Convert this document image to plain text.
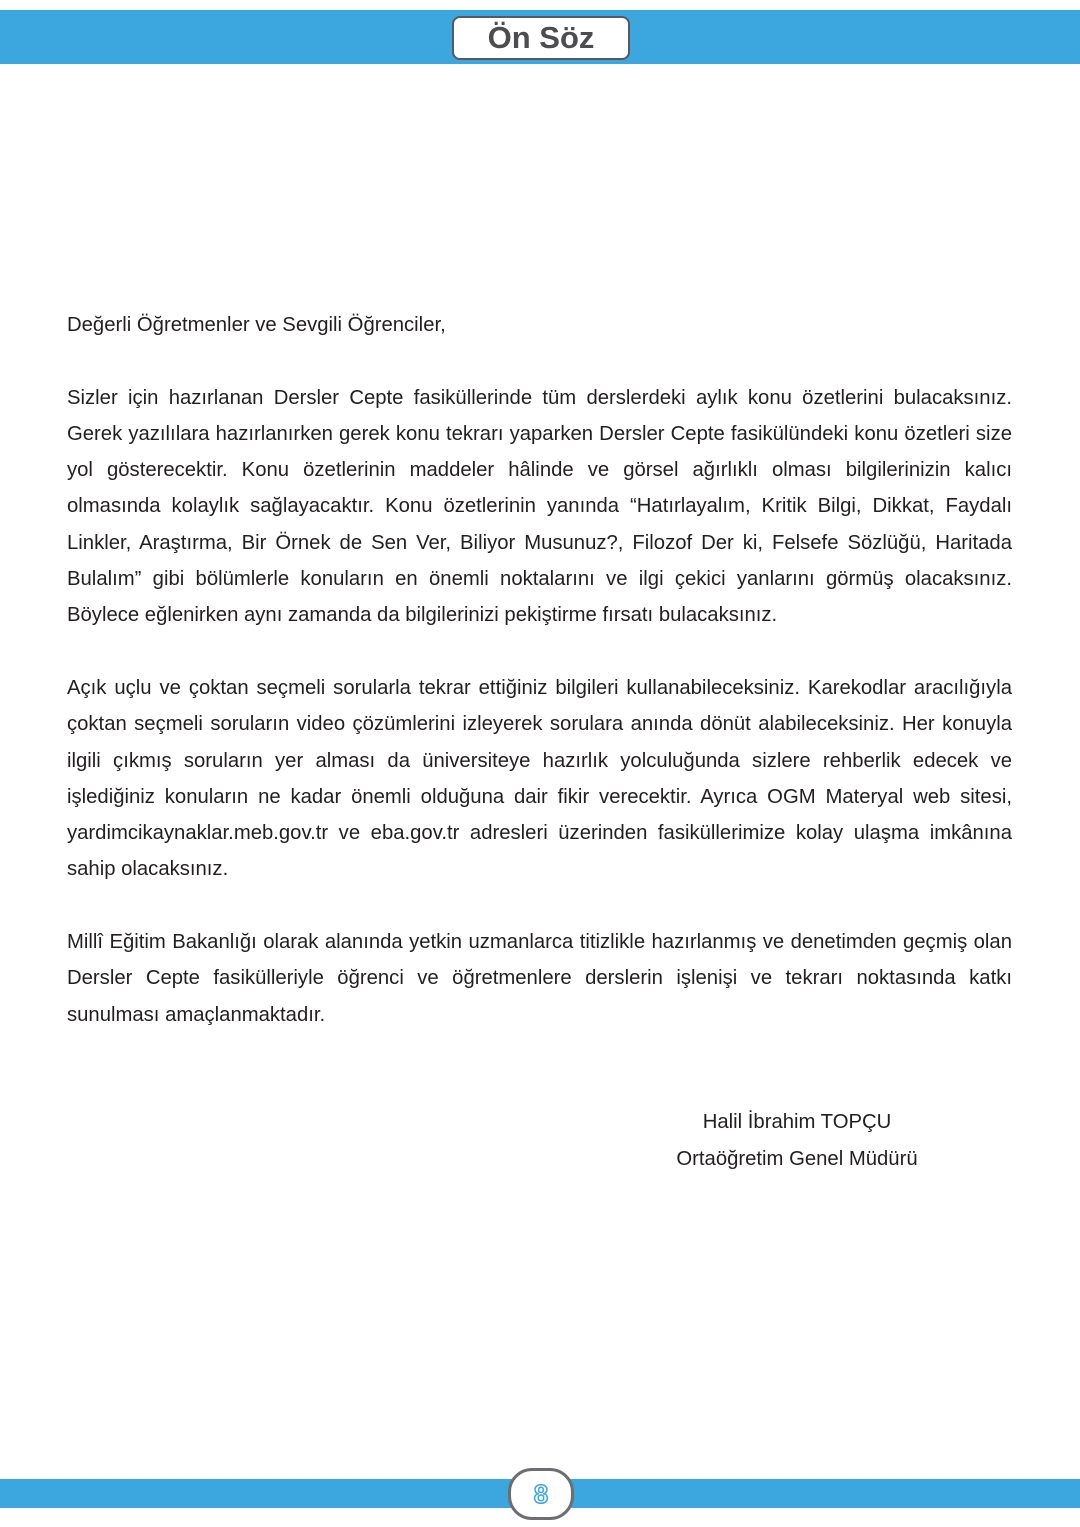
Ön Söz

Değerli Öğretmenler ve Sevgili Öğrenciler,

Sizler için hazırlanan Dersler Cepte fasiküllerinde tüm derslerdeki aylık konu özetlerini bulacaksınız. Gerek yazılılara hazırlanırken gerek konu tekrarı yaparken Dersler Cepte fasikülündeki konu özetleri size yol gösterecektir. Konu özetlerinin maddeler hâlinde ve görsel ağırlıklı olması bilgilerinizin kalıcı olmasında kolaylık sağlayacaktır. Konu özetlerinin yanında “Hatırlayalım, Kritik Bilgi, Dikkat, Faydalı Linkler, Araştırma, Bir Örnek de Sen Ver, Biliyor Musunuz?, Filozof Der ki, Felsefe Sözlüğü, Haritada Bulalım” gibi bölümlerle konuların en önemli noktalarını ve ilgi çekici yanlarını görmüş olacaksınız. Böylece eğlenirken aynı zamanda da bilgilerinizi pekiştirme fırsatı bulacaksınız.

Açık uçlu ve çoktan seçmeli sorularla tekrar ettiğiniz bilgileri kullanabileceksiniz. Karekodlar aracılığıyla çoktan seçmeli soruların video çözümlerini izleyerek sorulara anında dönüt alabileceksiniz. Her konuyla ilgili çıkmış soruların yer alması da üniversiteye hazırlık yolculuğunda sizlere rehberlik edecek ve işlediğiniz konuların ne kadar önemli olduğuna dair fikir verecektir. Ayrıca OGM Materyal web sitesi, yardimcikaynaklar.meb.gov.tr ve eba.gov.tr adresleri üzerinden fasiküllerimize kolay ulaşma imkânına sahip olacaksınız.

Millî Eğitim Bakanlığı olarak alanında yetkin uzmanlarca titizlikle hazırlanmış ve denetimden geçmiş olan Dersler Cepte fasikülleriyle öğrenci ve öğretmenlere derslerin işlenişi ve tekrarı noktasında katkı sunulması amaçlanmaktadır.

Halil İbrahim TOPÇU
Ortaöğretim Genel Müdürü
8
